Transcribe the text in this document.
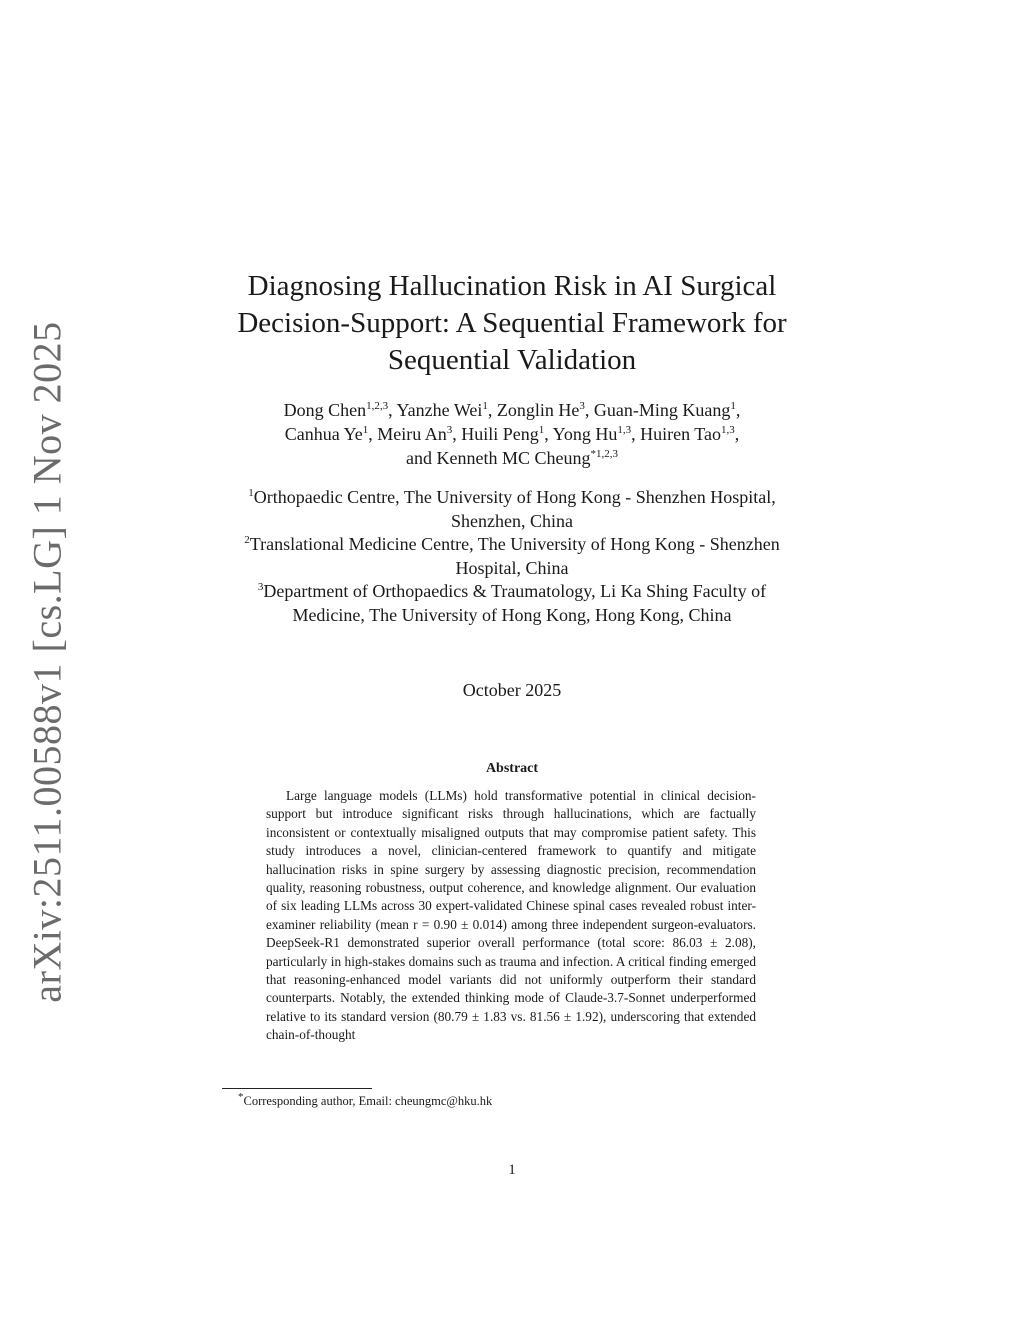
arXiv:2511.00588v1 [cs.LG] 1 Nov 2025
Diagnosing Hallucination Risk in AI Surgical
Decision-Support: A Sequential Framework for
Sequential Validation
Dong Chen$^{1,2,3}$, Yanzhe Wei$^1$, Zonglin He$^3$, Guan-Ming Kuang$^1$,
Canhua Ye$^1$, Meiru An$^3$, Huili Peng$^1$, Yong Hu$^{1,3}$, Huiren Tao$^{1,3}$,
and Kenneth MC Cheung$^{*1,2,3}$
$^1$Orthopaedic Centre, The University of Hong Kong - Shenzhen Hospital, Shenzhen, China
$^2$Translational Medicine Centre, The University of Hong Kong - Shenzhen Hospital, China
$^3$Department of Orthopaedics & Traumatology, Li Ka Shing Faculty of Medicine, The University of Hong Kong, Hong Kong, China
October 2025
Abstract
Large language models (LLMs) hold transformative potential in clinical decision-support but introduce significant risks through hallucinations, which are factually inconsistent or contextually misaligned outputs that may compromise patient safety. This study introduces a novel, clinician-centered framework to quantify and mitigate hallucination risks in spine surgery by assessing diagnostic precision, recommendation quality, reasoning robustness, output coherence, and knowledge alignment. Our evaluation of six leading LLMs across 30 expert-validated Chinese spinal cases revealed robust inter-examiner reliability (mean r = 0.90 ± 0.014) among three independent surgeon-evaluators. DeepSeek-R1 demonstrated superior overall performance (total score: 86.03 ± 2.08), particularly in high-stakes domains such as trauma and infection. A critical finding emerged that reasoning-enhanced model variants did not uniformly outperform their standard counterparts. Notably, the extended thinking mode of Claude-3.7-Sonnet underperformed relative to its standard version (80.79 ± 1.83 vs. 81.56 ± 1.92), underscoring that extended chain-of-thought
*Corresponding author, Email: cheungmc@hku.hk
1
